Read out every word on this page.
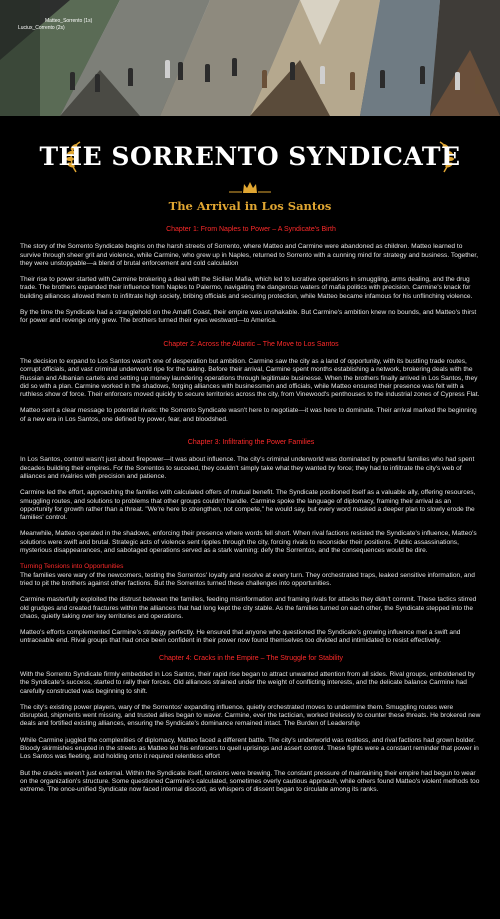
Matteo_Sorrento (1s)
Luciux_Corrento (2s)
THE SORRENTO SYNDICATE
The Arrival in Los Santos

Chapter 1: From Naples to Power – A Syndicate's Birth

The story of the Sorrento Syndicate begins on the harsh streets of Sorrento, where Matteo and Carmine were abandoned as children. Matteo learned to survive through sheer grit and violence, while Carmine, who grew up in Naples, returned to Sorrento with a cunning mind for strategy and business. Together, they were unstoppable—a blend of brutal enforcement and cold calculation

Their rise to power started with Carmine brokering a deal with the Sicilian Mafia, which led to lucrative operations in smuggling, arms dealing, and the drug trade. The brothers expanded their influence from Naples to Palermo, navigating the dangerous waters of mafia politics with precision. Carmine's knack for building alliances allowed them to infiltrate high society, bribing officials and securing protection, while Matteo became infamous for his unflinching violence.

By the time the Syndicate had a stranglehold on the Amalfi Coast, their empire was unshakable. But Carmine's ambition knew no bounds, and Matteo's thirst for power and revenge only grew. The brothers turned their eyes westward—to America.

Chapter 2: Across the Atlantic – The Move to Los Santos

The decision to expand to Los Santos wasn't one of desperation but ambition. Carmine saw the city as a land of opportunity, with its bustling trade routes, corrupt officials, and vast criminal underworld ripe for the taking. Before their arrival, Carmine spent months establishing a network, brokering deals with the Russian and Albanian cartels and setting up money laundering operations through legitimate businesse. When the brothers finally arrived in Los Santos, they did so with a plan. Carmine worked in the shadows, forging alliances with businessmen and officials, while Matteo ensured their presence was felt with a ruthless show of force. Their enforcers moved quickly to secure territories across the city, from Vinewood's penthouses to the industrial zones of Cypress Flat.

Matteo sent a clear message to potential rivals: the Sorrento Syndicate wasn't here to negotiate—it was here to dominate. Their arrival marked the beginning of a new era in Los Santos, one defined by power, fear, and bloodshed.

Chapter 3: Infiltrating the Power Families

In Los Santos, control wasn't just about firepower—it was about influence. The city's criminal underworld was dominated by powerful families who had spent decades building their empires. For the Sorrentos to succeed, they couldn't simply take what they wanted by force; they had to infiltrate the city's web of alliances and rivalries with precision and patience.

Carmine led the effort, approaching the families with calculated offers of mutual benefit. The Syndicate positioned itself as a valuable ally, offering resources, smuggling routes, and solutions to problems that other groups couldn't handle. Carmine spoke the language of diplomacy, framing their arrival as an opportunity for growth rather than a threat. "We're here to strengthen, not compete," he would say, but every word masked a deeper plan to slowly erode the families' control.

Meanwhile, Matteo operated in the shadows, enforcing their presence where words fell short. When rival factions resisted the Syndicate's influence, Matteo's solutions were swift and brutal. Strategic acts of violence sent ripples through the city, forcing rivals to reconsider their positions. Public assassinations, mysterious disappearances, and sabotaged operations served as a stark warning: defy the Sorrentos, and the consequences would be dire.

Turning Tensions into Opportunities

The families were wary of the newcomers, testing the Sorrentos' loyalty and resolve at every turn. They orchestrated traps, leaked sensitive information, and tried to pit the brothers against other factions. But the Sorrentos turned these challenges into opportunities.

Carmine masterfully exploited the distrust between the families, feeding misinformation and framing rivals for attacks they didn't commit. These tactics stirred old grudges and created fractures within the alliances that had long kept the city stable. As the families turned on each other, the Syndicate stepped into the chaos, quietly taking over key territories and operations.

Matteo's efforts complemented Carmine's strategy perfectly. He ensured that anyone who questioned the Syndicate's growing influence met a swift and untraceable end. Rival groups that had once been confident in their power now found themselves too divided and intimidated to resist effectively.

Chapter 4: Cracks in the Empire – The Struggle for Stability

With the Sorrento Syndicate firmly embedded in Los Santos, their rapid rise began to attract unwanted attention from all sides. Rival groups, emboldened by the Syndicate's success, started to rally their forces. Old alliances strained under the weight of conflicting interests, and the delicate balance Carmine had carefully constructed was beginning to shift.

The city's existing power players, wary of the Sorrentos' expanding influence, quietly orchestrated moves to undermine them. Smuggling routes were disrupted, shipments went missing, and trusted allies began to waver. Carmine, ever the tactician, worked tirelessly to counter these threats. He brokered new deals and fortified existing alliances, ensuring the Syndicate's dominance remained intact. The Burden of Leadership

While Carmine juggled the complexities of diplomacy, Matteo faced a different battle. The city's underworld was restless, and rival factions had grown bolder. Bloody skirmishes erupted in the streets as Matteo led his enforcers to quell uprisings and assert control. These fights were a constant reminder that power in Los Santos was fleeting, and holding onto it required relentless effort

But the cracks weren't just external. Within the Syndicate itself, tensions were brewing. The constant pressure of maintaining their empire had begun to wear on the organization's structure. Some questioned Carmine's calculated, sometimes overly cautious approach, while others found Matteo's violent methods too extreme. The once-unified Syndicate now faced internal discord, as whispers of dissent began to circulate among its ranks.
